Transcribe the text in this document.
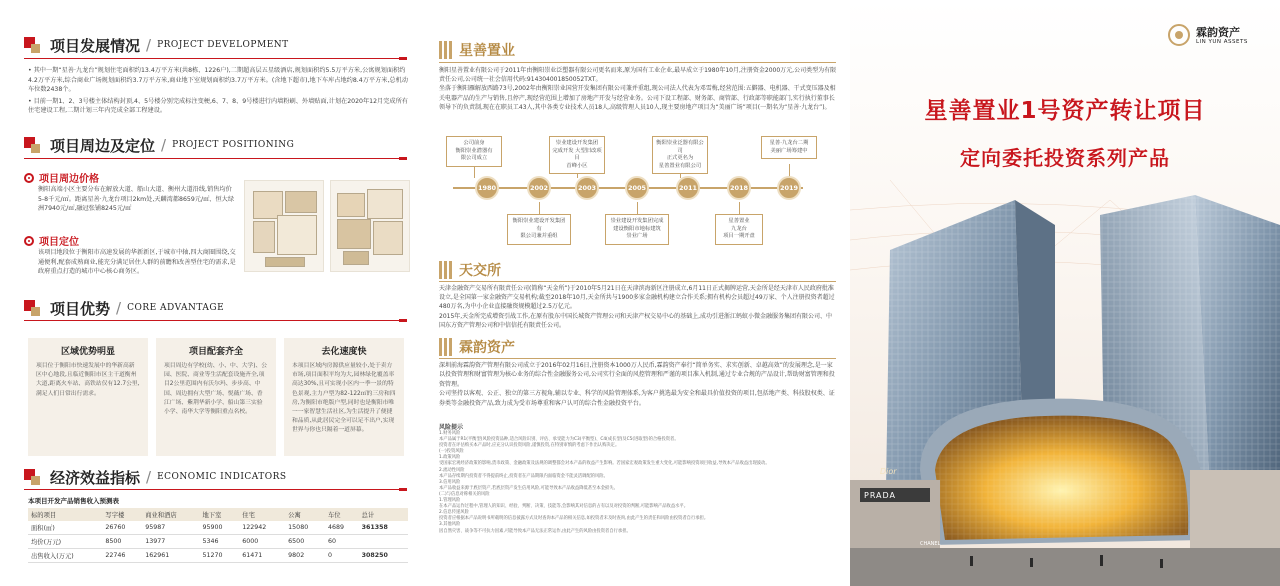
项目发展情况 / PROJECT DEVELOPMENT

• 其中一期“星善·九龙台”规划住宅面积约13.4万平方米(共8栋、1226户),二期超高层五星级酒店,规划面积约5.5万平方米,公寓规划面积约4.2万平方米,综合商业广场规划面积约3.7万平方米,商业地下室规划面积约3.7万平方米。(含地下超市),地下车库占地约8.4万平方米,总机动车位数2438个。

• 目前一期1、2、3号楼主体结构封顶,4、5号楼分别完成标注变梗,6、7、8、9号楼进行内墙粉刷、外墙贴面,计划在2020年12月完成所有住宅建设工程,二期计划三年内完成全部工程建设。

项目周边及定位 / PROJECT POSITIONING
项目周边价格
衡阳高端小区主要分布在解放大道、船山大道、衡州大道沿线,销售均价5-8千元/㎡。距离星善·九龙台项目2km处,天麟湾都8659元/㎡、恒大绿洲7940元/㎡,融冠张铺8245元/㎡
项目定位
该项目地段位于衡阳市高速发展的华新新区,于城市中轴,四大商圈围绕,交通便利,配套成熟商业,能充分满足居住人群的前瞻和改善型住宅的需求,是政府重点打造的城市中心核心商务区。
项目优势 / CORE ADVANTAGE
区域优势明显
项目位于衡阳市快速发展中的华新高新区中心地段,且临近衡阳市区主干道衡州大道,距离火车站、高铁站仅有12.7公里,满足人们日常出行需求。
项目配套齐全
项目周边有学校(幼、小、中、大学)、公园、医院、商业等生活配套设施齐全,项目2公里范围内有沃尔玛、步步高、中国、周边拥有大型广场、悦薇广场、香江广场、紫荆华新小学、船山第三实验小学、南华大学等衡阳重点名校。
去化速度快
本项目区域内房源供应量较小,处于卖方市场,项目面积平均为大,园林绿化覆盖率高达30%,且可实现小区内一季一景的特色景观,主力户型为82-122㎡的三房和四房,为衡阳市绝版户型,同时也是衡阳市唯一一家智慧生活社区,为生活提升了便捷和品质,从此居民完全可以足不出户,实现世界与你也只隔着一道屏幕。
经济效益指标 / ECONOMIC INDICATORS
本项目开发产品销售收入预测表
标的项目	写字楼	商业和酒店	地下室	住宅	公寓	车位	总计
面积(㎡)	26760	95987	95900	122942	15080	4689	361358
均价(万元)	8500	13977	5346	6000	6500	60	
出售收入(万元)	22746	162961	51270	61471	9802	0	308250
星善置业
衡阳星善置业有限公司于2011年由衡阳崇业泛塑器有限公司更名而来,原为国有工业企业,最早成立于1980年10月,注册资金2000万元,公司类型为有限责任公司,公司统一社会信用代码:914304001850052TXT。
坐落于衡阳雁解放西路73号,2002年由衡阳崇业国营开发集团有限公司兼并重组,现公司法人代表为邓雪梅,经营范围:五僻器、电机器、干式变压器及相关电器产品的生产与销售,且停产,现经营范围上增加了房地产开发与经营业务。公司下设工程部、财务部、商管部、行政部等职能部门,实行执行董事长领导下的负责制,现在在职员工43人,其中各类专业技术人员18人,高级管理人员10人,现主要房地产项目为“美丽广场”项目(一期名为“星善·九龙台”)。
公司前身
衡阳崇业潜器有
限公司成立
崇业建设开发集团
完成开发 大型旧改项目
首峰小区
衡阳崇业泛器有限公司
正式更名为
星善置业有限公司
星善·九龙台二期
美丽广场筹建中
1980	2002	2003	2005	2011	2018	2019
衡阳崇业建设开发集团有
限公司兼并重组
崇业建设开发集团完成
建设衡阳市地标建筑
崇业广场
星善置业
九龙台
项目一期开盘
天交所
天津金融资产交易所有限责任公司(简称“天金所”)于2010年5月21日在天津滨海新区注册成立,6月11日正式揭牌运营,天金所是经天津市人民政府批准设立,是全国第一家金融资产交易机构;截至2018年10月,天金所共与1900多家金融机构建立合作关系;拥有机构会员超过49万家、个人注册投资者超过480万名,为中小企业直接融资规模超过2.5万亿元。
2015年,天金所完成增资引战工作,在原有股东中国长城资产管理公司和天津产权交易中心的基础上,成功引进浙江蚂蚁小微金融服务集团有限公司、中国东方资产管理公司和中信信托有限责任公司。
霖韵资产
深圳前海霖韵资产管理有限公司成立于2016年02月16日,注册资本1000万人民币,霖韵资产奉行“简单务实、求实创新、卓越高效”的发展理念,是一家以投资管理和财富管理为核心业务的综合性金融服务公司,公司实行全面的风控管理和严谨的项目准入机制,通过专业合规的产品设计,帮助财富管理和投资管理。
公司坚持以客观、公正、独立的第三方视角,辅以专业、科学的风险管理体系,为客户挑选最为安全和最具价值投资的项目,包括地产类、科技股权类、证券类等金融投资产品,致力成为受市场尊重和客户认可的综合性金融投资平台。
风险提示
1.财务风险
本产品属于R1(平衡型)风险投资品种,适合风险识别、评估、承受能力为C3(平衡型)、C4(成长型)及C5(进取型)的合格投资者。
投资者在评估购买本产品时,应充分认识投资风险,谨慎投资,在特别审慎的考虑下作出认购决定。
(一)投资风险
1.政策风险
受国家宏观经济政策的影响,货币政策、金融政策及法规的调整都会对本产品的收益产生影响。若国家宏观政策发生重大变化,可能影响投资项目收益,导致本产品收益出现波动。
2.流动性风险
本产品存续期内投资者不得提前终止,投资者在产品期限内面临资金不能灵活调配的风险。
3.信用风险
本产品收益来源于底层资产,若底层资产发生信用风险,可能导致本产品收益降低甚至本金损失。
(二)与信息对称相关的风险
1.管理风险
在本产品运作过程中,管理人的知识、经验、判断、决策、技能等,会影响其对信息的占有以及对投资的判断,可能影响产品收益水平。
2.信息传递风险
投资者应根据本产品说明书所载明的信息披露方式及时查询本产品的相关信息,如投资者未及时查询,由此产生的责任和风险由投资者自行承担。
3.其他风险
因自然灾害、战争等不可抗力因素,可能导致本产品无法正常运作,由此产生的风险由投资者自行承担。
Dior
PRADA
CHANEL
霖韵资产
LIN YUN ASSETS
星善置业1号资产转让项目
定向委托投资系列产品
